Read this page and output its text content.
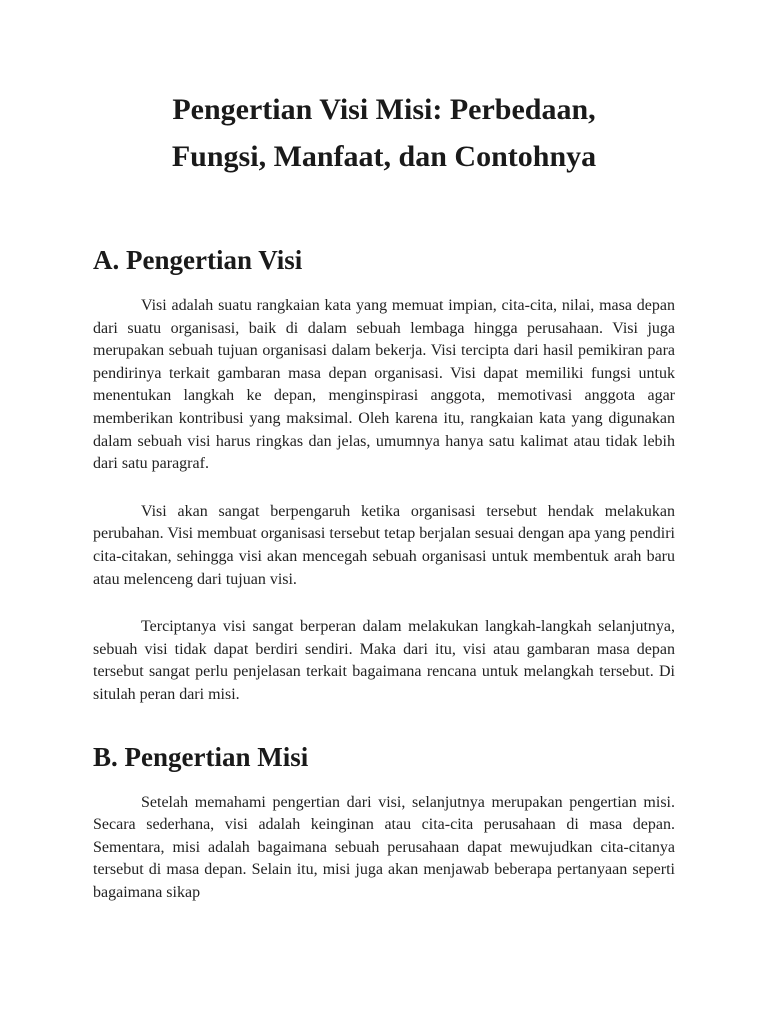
Pengertian Visi Misi: Perbedaan,
Fungsi, Manfaat, dan Contohnya
A. Pengertian Visi

Visi adalah suatu rangkaian kata yang memuat impian, cita-cita, nilai, masa depan dari suatu organisasi, baik di dalam sebuah lembaga hingga perusahaan. Visi juga merupakan sebuah tujuan organisasi dalam bekerja. Visi tercipta dari hasil pemikiran para pendirinya terkait gambaran masa depan organisasi. Visi dapat memiliki fungsi untuk menentukan langkah ke depan, menginspirasi anggota, memotivasi anggota agar memberikan kontribusi yang maksimal. Oleh karena itu, rangkaian kata yang digunakan dalam sebuah visi harus ringkas dan jelas, umumnya hanya satu kalimat atau tidak lebih dari satu paragraf.

Visi akan sangat berpengaruh ketika organisasi tersebut hendak melakukan perubahan. Visi membuat organisasi tersebut tetap berjalan sesuai dengan apa yang pendiri cita-citakan, sehingga visi akan mencegah sebuah organisasi untuk membentuk arah baru atau melenceng dari tujuan visi.

Terciptanya visi sangat berperan dalam melakukan langkah-langkah selanjutnya, sebuah visi tidak dapat berdiri sendiri. Maka dari itu, visi atau gambaran masa depan tersebut sangat perlu penjelasan terkait bagaimana rencana untuk melangkah tersebut. Di situlah peran dari misi.

B. Pengertian Misi

Setelah memahami pengertian dari visi, selanjutnya merupakan pengertian misi. Secara sederhana, visi adalah keinginan atau cita-cita perusahaan di masa depan. Sementara, misi adalah bagaimana sebuah perusahaan dapat mewujudkan cita-citanya tersebut di masa depan. Selain itu, misi juga akan menjawab beberapa pertanyaan seperti bagaimana sikap
